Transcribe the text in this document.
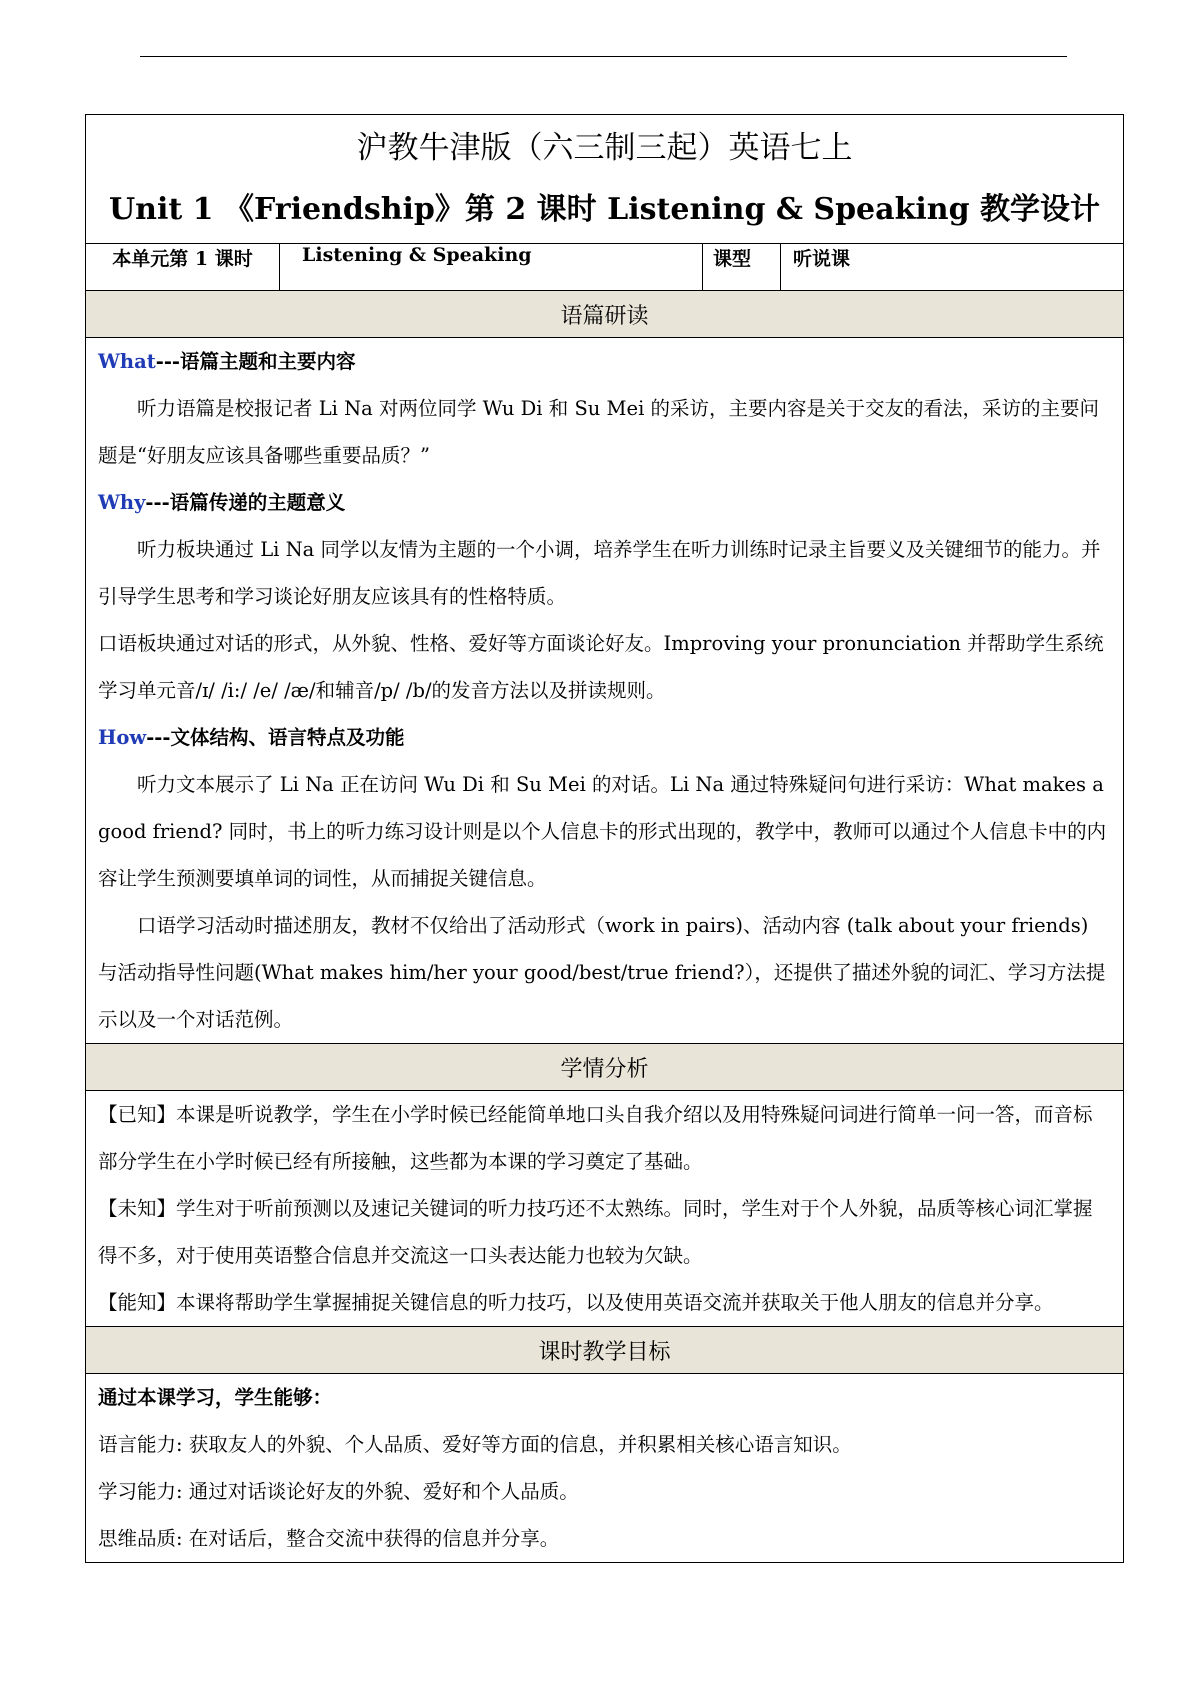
沪教牛津版（六三制三起）英语七上
Unit 1 《Friendship》第 2 课时 Listening & Speaking 教学设计

本单元第 1 课时	Listening & Speaking	课型	听说课
语篇研读

What---语篇主题和主要内容

听力语篇是校报记者 Li Na 对两位同学 Wu Di 和 Su Mei 的采访，主要内容是关于交友的看法，采访的主要问题是“好朋友应该具备哪些重要品质？”

Why---语篇传递的主题意义

听力板块通过 Li Na 同学以友情为主题的一个小调，培养学生在听力训练时记录主旨要义及关键细节的能力。并引导学生思考和学习谈论好朋友应该具有的性格特质。

口语板块通过对话的形式，从外貌、性格、爱好等方面谈论好友。Improving your pronunciation 并帮助学生系统学习单元音/ɪ/ /i:/ /e/ /æ/和辅音/p/ /b/的发音方法以及拼读规则。

How---文体结构、语言特点及功能

听力文本展示了 Li Na 正在访问 Wu Di 和 Su Mei 的对话。Li Na 通过特殊疑问句进行采访：What makes a good friend? 同时，书上的听力练习设计则是以个人信息卡的形式出现的，教学中，教师可以通过个人信息卡中的内容让学生预测要填单词的词性，从而捕捉关键信息。

口语学习活动时描述朋友，教材不仅给出了活动形式（work in pairs)、活动内容 (talk about your friends) 与活动指导性问题(What makes him/her your good/best/true friend?），还提供了描述外貌的词汇、学习方法提示以及一个对话范例。

学情分析

【已知】本课是听说教学，学生在小学时候已经能简单地口头自我介绍以及用特殊疑问词进行简单一问一答，而音标部分学生在小学时候已经有所接触，这些都为本课的学习奠定了基础。

【未知】学生对于听前预测以及速记关键词的听力技巧还不太熟练。同时，学生对于个人外貌，品质等核心词汇掌握得不多，对于使用英语整合信息并交流这一口头表达能力也较为欠缺。

【能知】本课将帮助学生掌握捕捉关键信息的听力技巧，以及使用英语交流并获取关于他人朋友的信息并分享。

课时教学目标

通过本课学习，学生能够：

语言能力: 获取友人的外貌、个人品质、爱好等方面的信息，并积累相关核心语言知识。

学习能力: 通过对话谈论好友的外貌、爱好和个人品质。

思维品质: 在对话后，整合交流中获得的信息并分享。
